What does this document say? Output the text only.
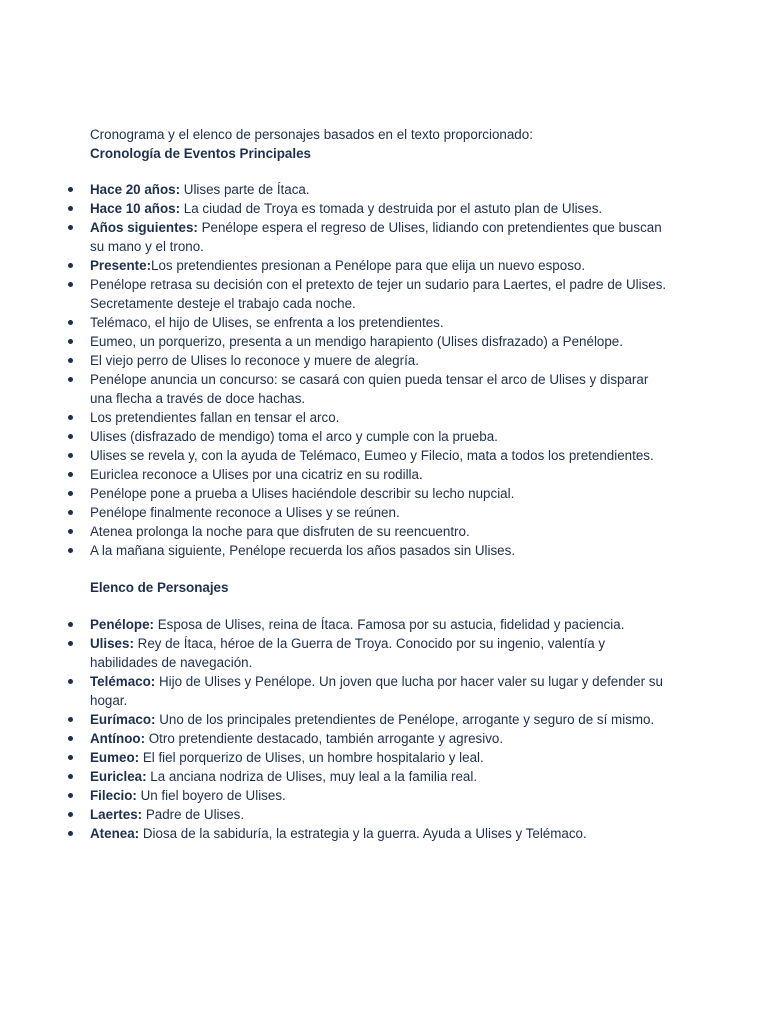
Cronograma y el elenco de personajes basados en el texto proporcionado:
Cronología de Eventos Principales
Hace 20 años: Ulises parte de Ítaca.
Hace 10 años: La ciudad de Troya es tomada y destruida por el astuto plan de Ulises.
Años siguientes: Penélope espera el regreso de Ulises, lidiando con pretendientes que buscan
su mano y el trono.
Presente:Los pretendientes presionan a Penélope para que elija un nuevo esposo.
Penélope retrasa su decisión con el pretexto de tejer un sudario para Laertes, el padre de Ulises.
Secretamente desteje el trabajo cada noche.
Telémaco, el hijo de Ulises, se enfrenta a los pretendientes.
Eumeo, un porquerizo, presenta a un mendigo harapiento (Ulises disfrazado) a Penélope.
El viejo perro de Ulises lo reconoce y muere de alegría.
Penélope anuncia un concurso: se casará con quien pueda tensar el arco de Ulises y disparar
una flecha a través de doce hachas.
Los pretendientes fallan en tensar el arco.
Ulises (disfrazado de mendigo) toma el arco y cumple con la prueba.
Ulises se revela y, con la ayuda de Telémaco, Eumeo y Filecio, mata a todos los pretendientes.
Euriclea reconoce a Ulises por una cicatriz en su rodilla.
Penélope pone a prueba a Ulises haciéndole describir su lecho nupcial.
Penélope finalmente reconoce a Ulises y se reúnen.
Atenea prolonga la noche para que disfruten de su reencuentro.
A la mañana siguiente, Penélope recuerda los años pasados sin Ulises.
Elenco de Personajes
Penélope: Esposa de Ulises, reina de Ítaca. Famosa por su astucia, fidelidad y paciencia.
Ulises: Rey de Ítaca, héroe de la Guerra de Troya. Conocido por su ingenio, valentía y
habilidades de navegación.
Telémaco: Hijo de Ulises y Penélope. Un joven que lucha por hacer valer su lugar y defender su
hogar.
Eurímaco: Uno de los principales pretendientes de Penélope, arrogante y seguro de sí mismo.
Antínoo: Otro pretendiente destacado, también arrogante y agresivo.
Eumeo: El fiel porquerizo de Ulises, un hombre hospitalario y leal.
Euriclea: La anciana nodriza de Ulises, muy leal a la familia real.
Filecio: Un fiel boyero de Ulises.
Laertes: Padre de Ulises.
Atenea: Diosa de la sabiduría, la estrategia y la guerra. Ayuda a Ulises y Telémaco.
